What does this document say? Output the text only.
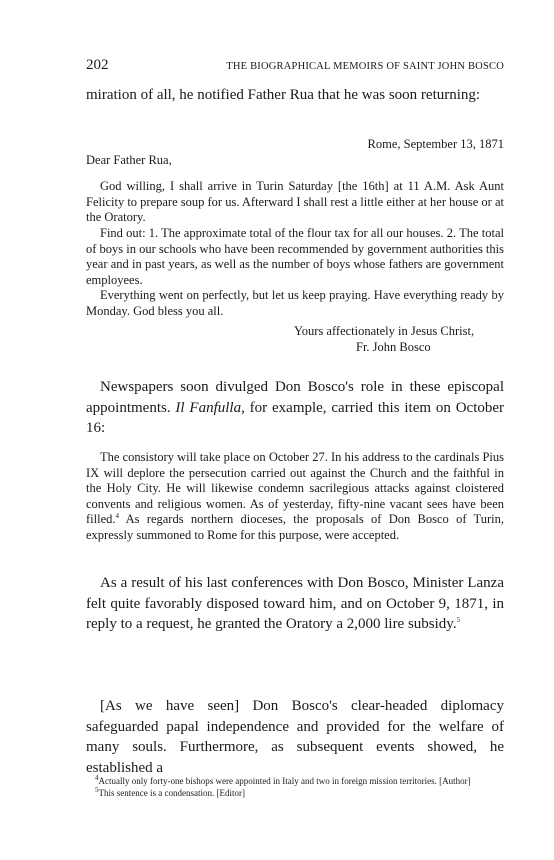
202	THE BIOGRAPHICAL MEMOIRS OF SAINT JOHN BOSCO

miration of all, he notified Father Rua that he was soon returning:

Rome, September 13, 1871

Dear Father Rua,

God willing, I shall arrive in Turin Saturday [the 16th] at 11 A.M. Ask Aunt Felicity to prepare soup for us. Afterward I shall rest a little either at her house or at the Oratory.

Find out: 1. The approximate total of the flour tax for all our houses. 2. The total of boys in our schools who have been recommended by government authorities this year and in past years, as well as the number of boys whose fathers are government employees.

Everything went on perfectly, but let us keep praying. Have everything ready by Monday. God bless you all.

Yours affectionately in Jesus Christ,
Fr. John Bosco

Newspapers soon divulged Don Bosco's role in these episcopal appointments. Il Fanfulla, for example, carried this item on October 16:

The consistory will take place on October 27. In his address to the cardinals Pius IX will deplore the persecution carried out against the Church and the faithful in the Holy City. He will likewise condemn sacrilegious attacks against cloistered convents and religious women. As of yesterday, fifty-nine vacant sees have been filled.$^4$ As regards northern dioceses, the proposals of Don Bosco of Turin, expressly summoned to Rome for this purpose, were accepted.

As a result of his last conferences with Don Bosco, Minister Lanza felt quite favorably disposed toward him, and on October 9, 1871, in reply to a request, he granted the Oratory a 2,000 lire subsidy.$^5$

[As we have seen] Don Bosco's clear-headed diplomacy safeguarded papal independence and provided for the welfare of many souls. Furthermore, as subsequent events showed, he established a

$^4$Actually only forty-one bishops were appointed in Italy and two in foreign mission territories. [Author]

$^5$This sentence is a condensation. [Editor]
